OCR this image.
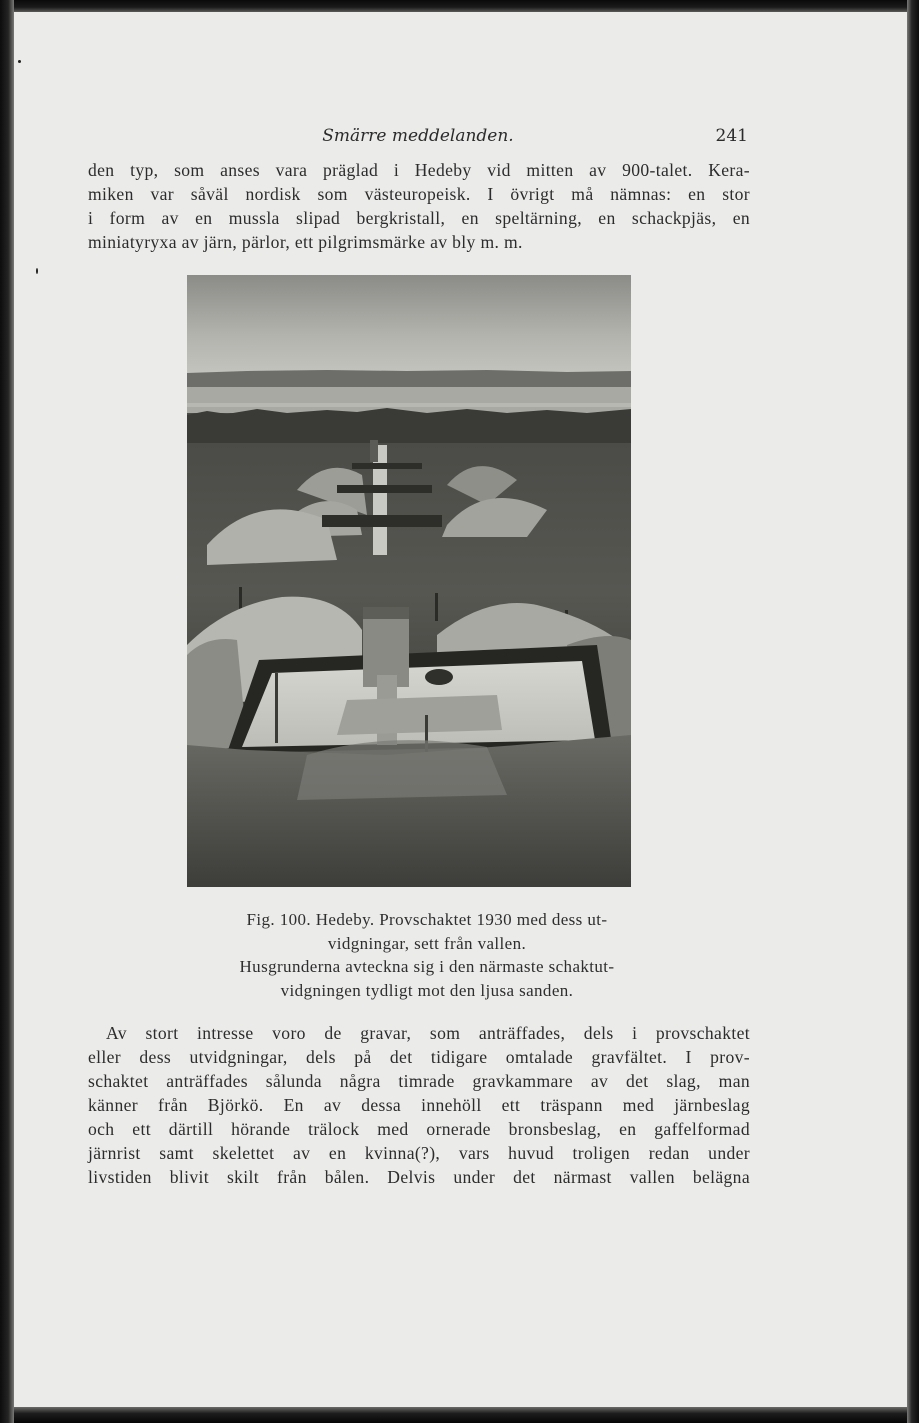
Smärre meddelanden.	241
den typ, som anses vara präglad i Hedeby vid mitten av 900-talet. Kera-
miken var såväl nordisk som västeuropeisk. I övrigt må nämnas: en stor
i form av en mussla slipad bergkristall, en speltärning, en schackpjäs, en
miniatyryxa av järn, pärlor, ett pilgrimsmärke av bly m. m.
Fig. 100. Hedeby. Provschaktet 1930 med dess ut-
vidgningar, sett från vallen.
Husgrunderna avteckna sig i den närmaste schaktut-
vidgningen tydligt mot den ljusa sanden.
Av stort intresse voro de gravar, som anträffades, dels i provschaktet
eller dess utvidgningar, dels på det tidigare omtalade gravfältet. I prov-
schaktet anträffades sålunda några timrade gravkammare av det slag, man
känner från Björkö. En av dessa innehöll ett träspann med järnbeslag
och ett därtill hörande trälock med ornerade bronsbeslag, en gaffelformad
järnrist samt skelettet av en kvinna(?), vars huvud troligen redan under
livstiden blivit skilt från bålen. Delvis under det närmast vallen belägna
